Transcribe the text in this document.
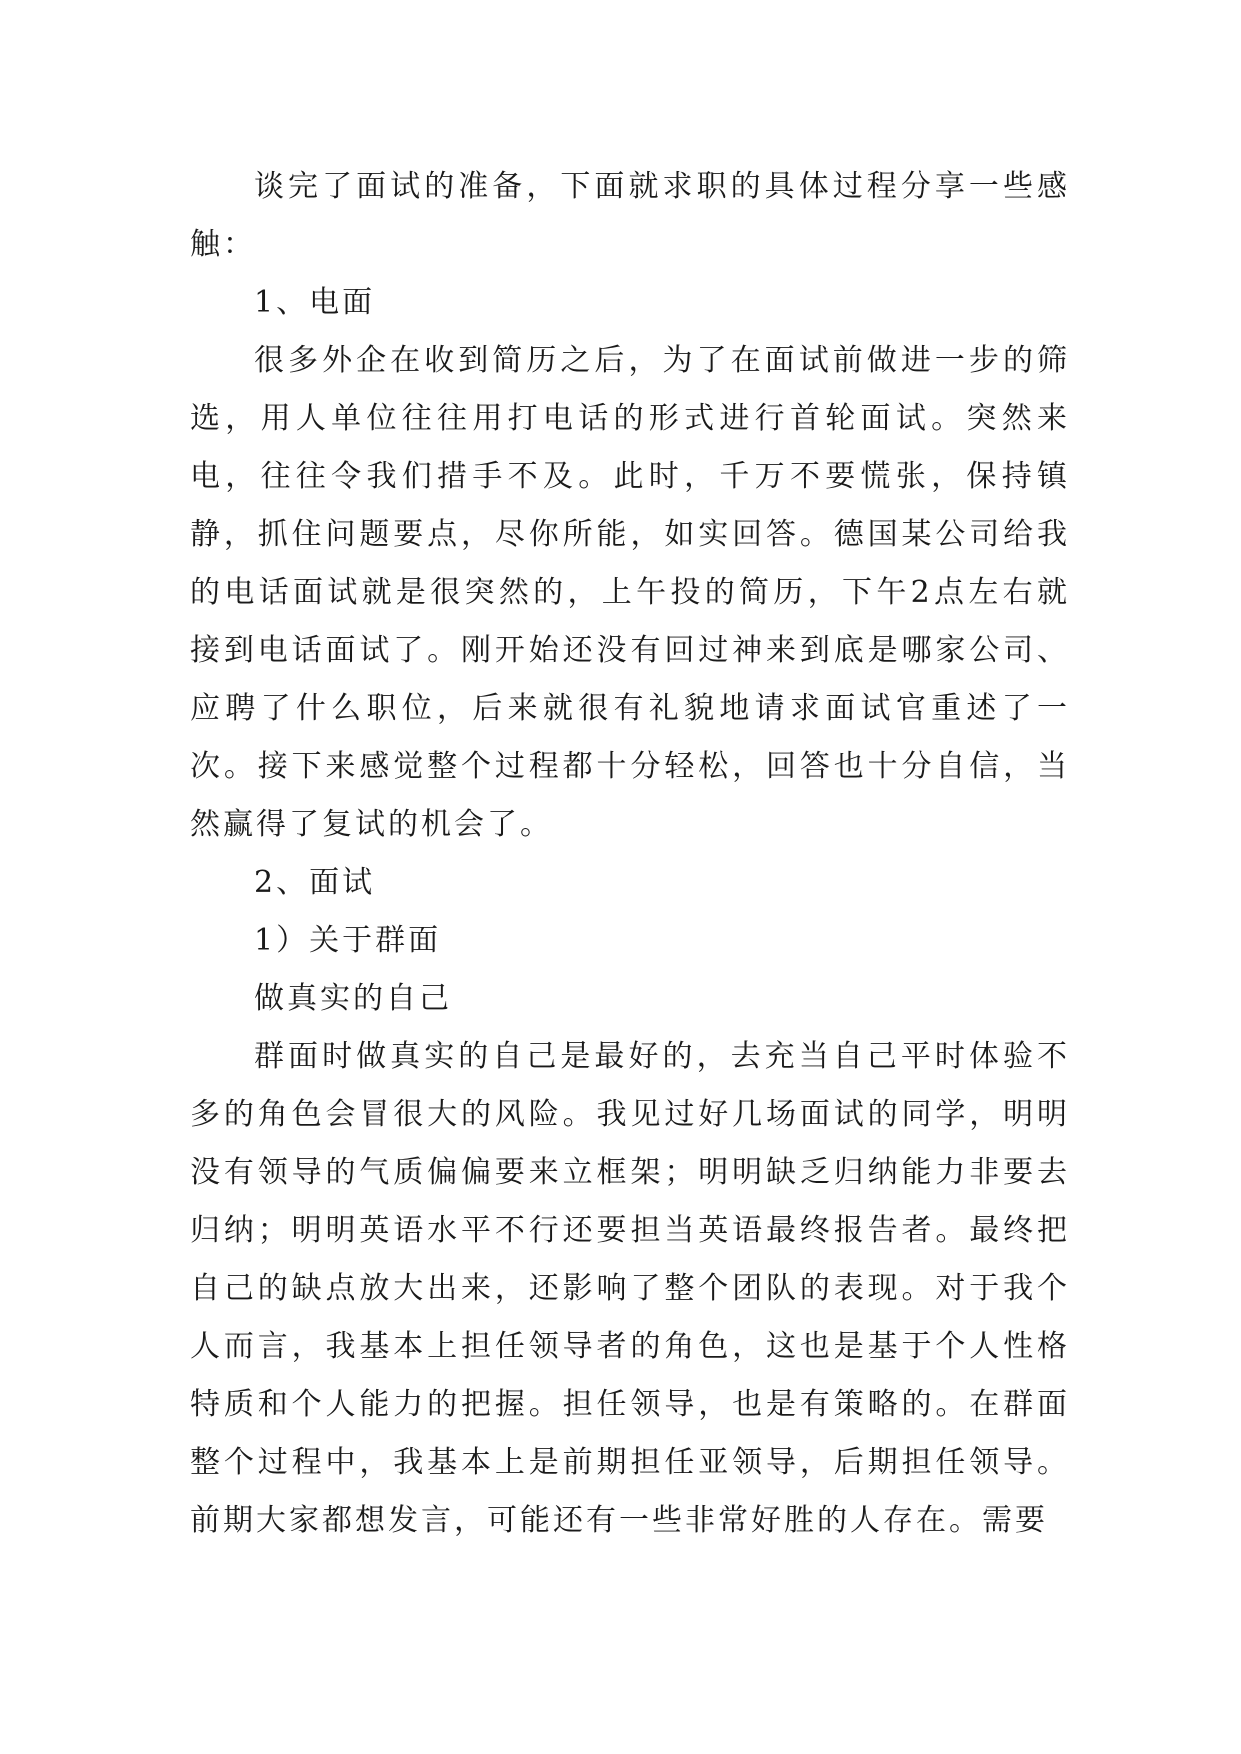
谈完了面试的准备，下面就求职的具体过程分享一些感触：

1、电面

很多外企在收到简历之后，为了在面试前做进一步的筛选，用人单位往往用打电话的形式进行首轮面试。突然来电，往往令我们措手不及。此时，千万不要慌张，保持镇静，抓住问题要点，尽你所能，如实回答。德国某公司给我的电话面试就是很突然的，上午投的简历，下午2点左右就接到电话面试了。刚开始还没有回过神来到底是哪家公司、应聘了什么职位，后来就很有礼貌地请求面试官重述了一次。接下来感觉整个过程都十分轻松，回答也十分自信，当然赢得了复试的机会了。

2、面试

1）关于群面

做真实的自己

群面时做真实的自己是最好的，去充当自己平时体验不多的角色会冒很大的风险。我见过好几场面试的同学，明明没有领导的气质偏偏要来立框架；明明缺乏归纳能力非要去归纳；明明英语水平不行还要担当英语最终报告者。最终把自己的缺点放大出来，还影响了整个团队的表现。对于我个人而言，我基本上担任领导者的角色，这也是基于个人性格特质和个人能力的把握。担任领导，也是有策略的。在群面整个过程中，我基本上是前期担任亚领导，后期担任领导。前期大家都想发言，可能还有一些非常好胜的人存在。需要
